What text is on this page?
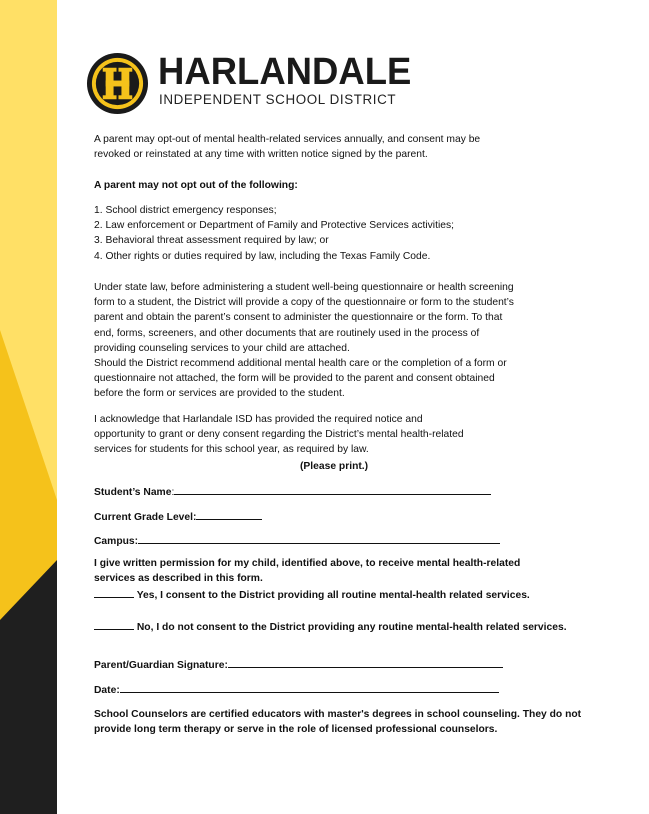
HARLANDALE
INDEPENDENT SCHOOL DISTRICT
A parent may opt-out of mental health-related services annually, and consent may be
revoked or reinstated at any time with written notice signed by the parent.
A parent may not opt out of the following:
1. School district emergency responses;
2. Law enforcement or Department of Family and Protective Services activities;
3. Behavioral threat assessment required by law; or
4. Other rights or duties required by law, including the Texas Family Code.
Under state law, before administering a student well-being questionnaire or health screening
form to a student, the District will provide a copy of the questionnaire or form to the student’s
parent and obtain the parent’s consent to administer the questionnaire or the form. To that
end, forms, screeners, and other documents that are routinely used in the process of
providing counseling services to your child are attached.
Should the District recommend additional mental health care or the completion of a form or
questionnaire not attached, the form will be provided to the parent and consent obtained
before the form or services are provided to the student.
I acknowledge that Harlandale ISD has provided the required notice and
opportunity to grant or deny consent regarding the District’s mental health-related
services for students for this school year, as required by law.
(Please print.)
Student’s Name:
Current Grade Level:
Campus:
I give written permission for my child, identified above, to receive mental health-related
services as described in this form.
Yes, I consent to the District providing all routine mental-health related services.
No, I do not consent to the District providing any routine mental-health related services.
Parent/Guardian Signature:
Date:
School Counselors are certified educators with master's degrees in school counseling. They do not
provide long term therapy or serve in the role of licensed professional counselors.
